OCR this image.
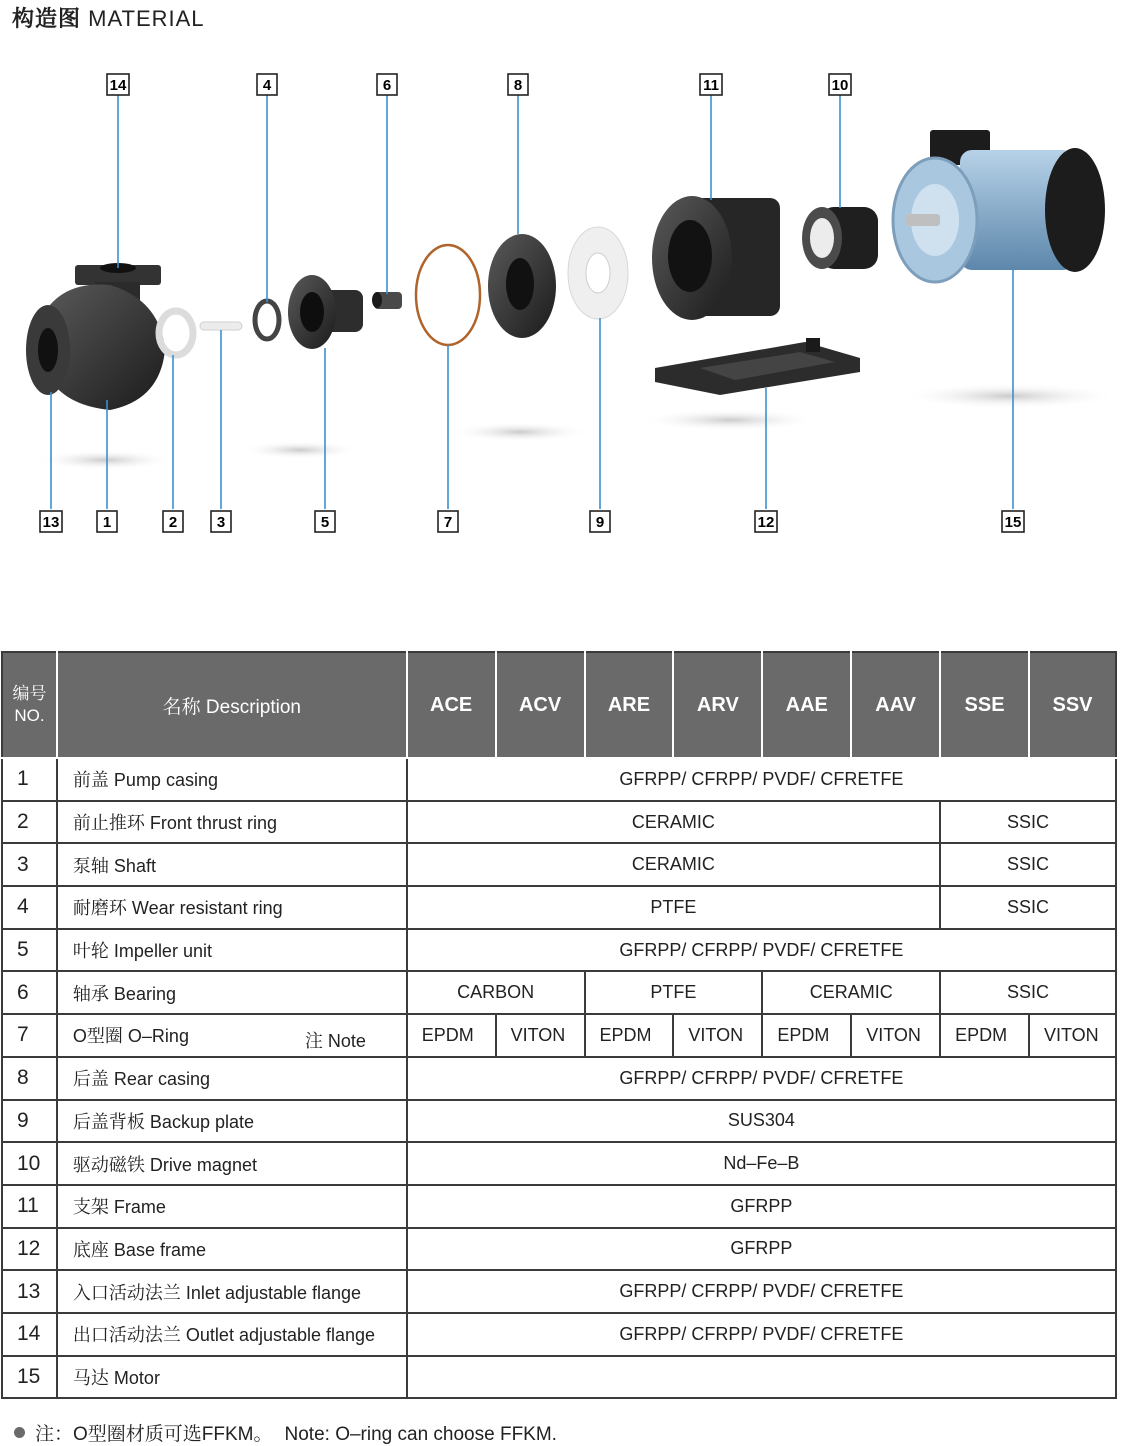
构造图 MATERIAL
14	4	6	8	11	10
13	1	2	3	5	7	9	12	15
编号
NO.	名称 Description	ACE	ACV	ARE	ARV	AAE	AAV	SSE	SSV
1	前盖 Pump casing	GFRPP/ CFRPP/ PVDF/ CFRETFE							
2	前止推环 Front thrust ring	CERAMIC						SSIC	
3	泵轴 Shaft	CERAMIC						SSIC	
4	耐磨环 Wear resistant ring	PTFE						SSIC	
5	叶轮 Impeller unit	GFRPP/ CFRPP/ PVDF/ CFRETFE							
6	轴承 Bearing	CARBON		PTFE		CERAMIC		SSIC	
7	O型圈 O–Ring 注 Note	EPDM	VITON	EPDM	VITON	EPDM	VITON	EPDM	VITON
8	后盖 Rear casing	GFRPP/ CFRPP/ PVDF/ CFRETFE							
9	后盖背板 Backup plate	SUS304							
10	驱动磁铁 Drive magnet	Nd–Fe–B							
11	支架 Frame	GFRPP							
12	底座 Base frame	GFRPP							
13	入口活动法兰 Inlet adjustable flange	GFRPP/ CFRPP/ PVDF/ CFRETFE							
14	出口活动法兰 Outlet adjustable flange	GFRPP/ CFRPP/ PVDF/ CFRETFE							
15	马达 Motor								
注：O型圈材质可选FFKM。 Note: O–ring can choose FFKM.
